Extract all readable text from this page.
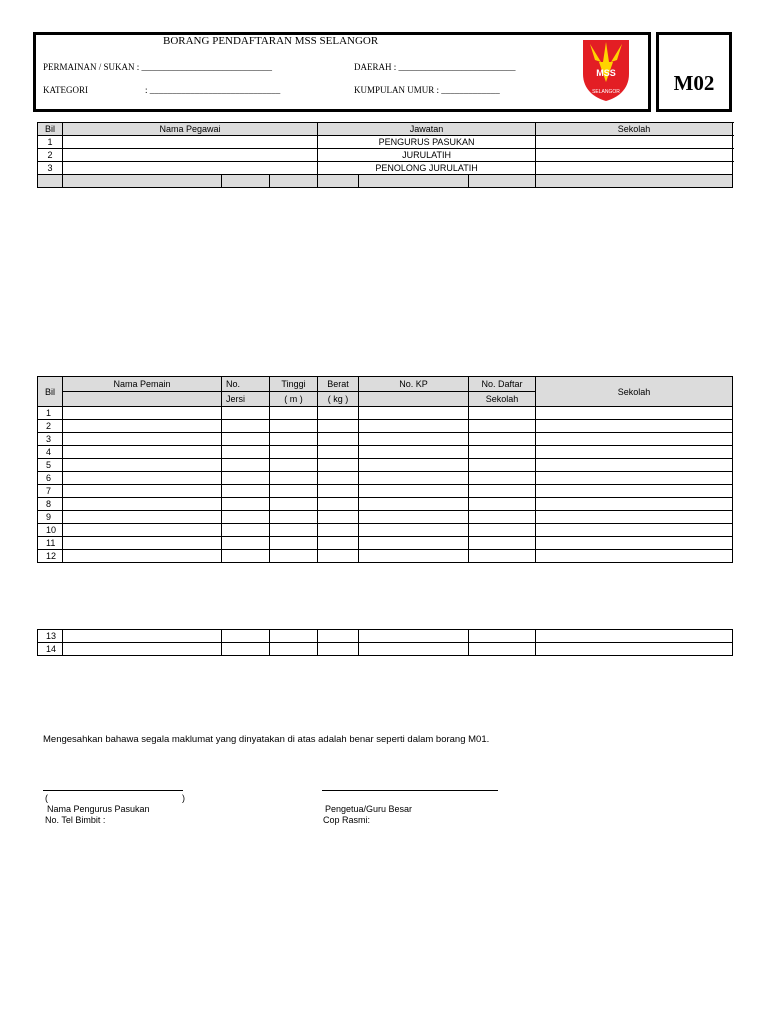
BORANG PENDAFTARAN MSS SELANGOR
PERMAINAN / SUKAN : _____________________________	DAERAH : __________________________
KATEGORI	: _____________________________	KUMPULAN UMUR : _____________
MSS
SELANGOR	M02
Bil	Nama Pegawai			Jawatan			Sekolah
1				PENGURUS PASUKAN			
2				JURULATIH			
3				PENOLONG JURULATIH			

Bil	Nama Pemain	No.	Tinggi	Berat	No. KP	No. Daftar	Sekolah
		Jersi	( m )	( kg )		Sekolah	
1							
2							
3							
4							
5							
6							
7							
8							
9							
10							
11							
12							
13							
14							
Mengesahkan bahawa segala maklumat yang dinyatakan di atas adalah benar seperti dalam borang M01.
(	)
Nama Pengurus Pasukan
No. Tel Bimbit :
Pengetua/Guru Besar
Cop Rasmi:
